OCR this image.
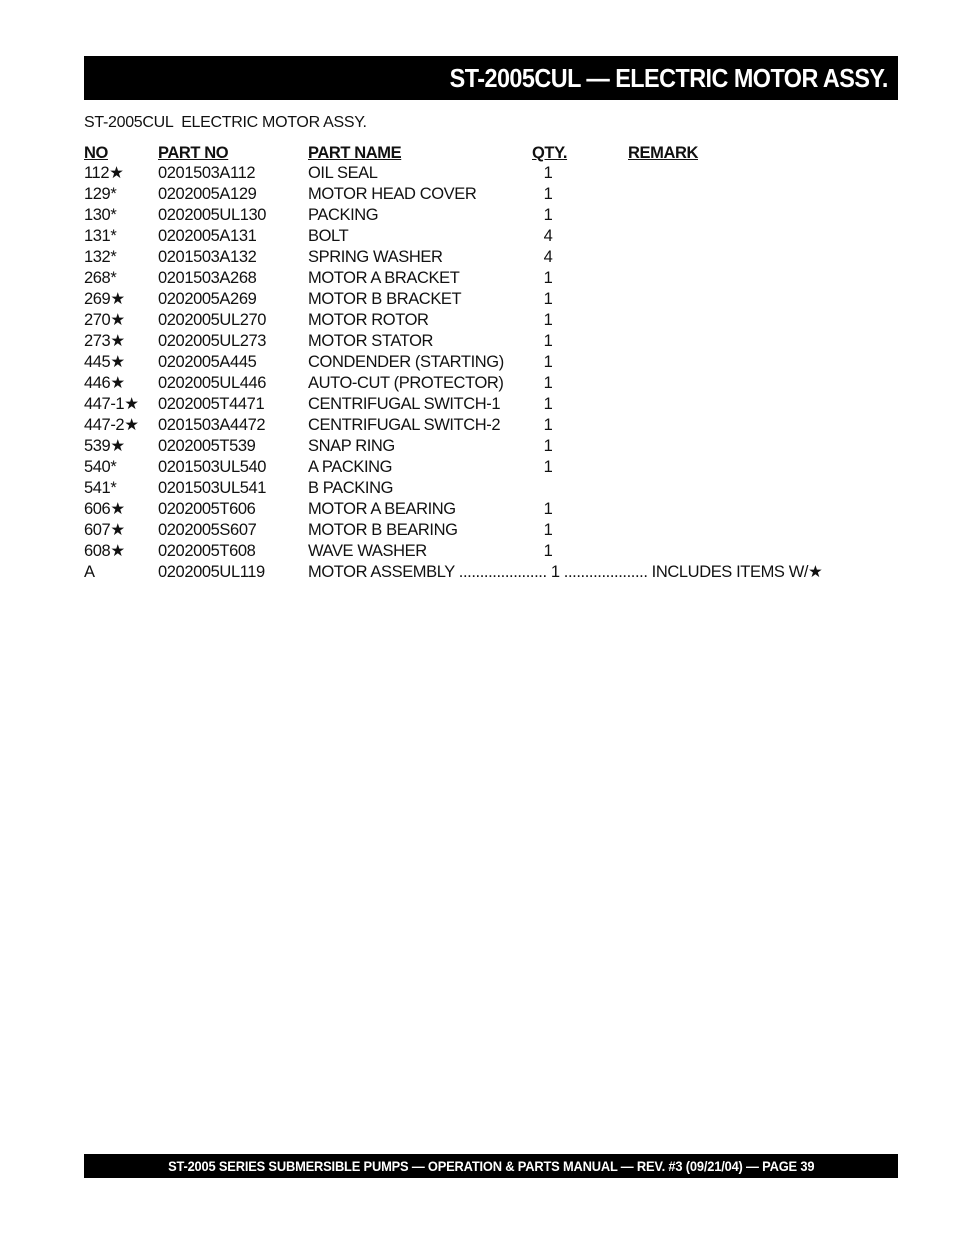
ST-2005CUL — ELECTRIC MOTOR ASSY.
ST-2005CUL  ELECTRIC MOTOR ASSY.
NO	PART NO	PART NAME	QTY.	REMARK
112★ 0201503A112	OIL SEAL	1
129*	0202005A129	MOTOR HEAD COVER	1
130*	0202005UL130	PACKING	1
131*	0202005A131	BOLT	4
132*	0201503A132	SPRING WASHER	4
268*	0201503A268	MOTOR A BRACKET	1
269★ 0202005A269	MOTOR B BRACKET	1
270★ 0202005UL270	MOTOR ROTOR	1
273★ 0202005UL273	MOTOR STATOR	1
445★ 0202005A445	CONDENDER (STARTING) 1
446★ 0202005UL446	AUTO-CUT (PROTECTOR) 1
447-1★ 0202005T4471	CENTRIFUGAL SWITCH-1	1
447-2★ 0201503A4472	CENTRIFUGAL SWITCH-2	1
539★ 0202005T539	SNAP RING	1
540*	0201503UL540	A PACKING	1
541*	0201503UL541	B PACKING
606★ 0202005T606	MOTOR A BEARING	1
607★ 0202005S607	MOTOR B BEARING	1
608★ 0202005T608	WAVE WASHER	1
A	0202005UL119	MOTOR ASSEMBLY ..................... 1 .................... INCLUDES ITEMS W/★
ST-2005 SERIES SUBMERSIBLE PUMPS — OPERATION & PARTS MANUAL — REV. #3 (09/21/04) — PAGE 39
